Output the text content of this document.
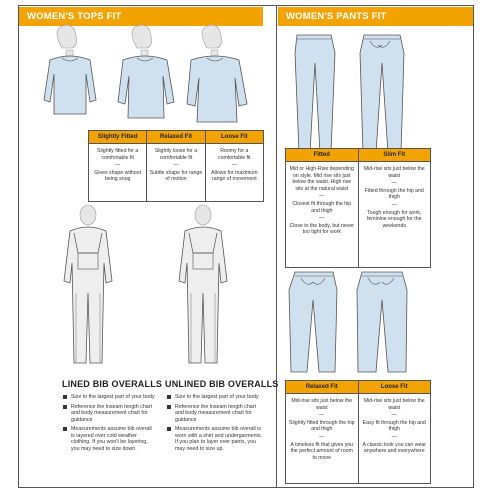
WOMEN'S TOPS FIT
Slightly Fitted
Slightly fitted for a comfortable fit
—
Gives shape without being snug
Relaxed Fit
Slightly loose for a comfortable fit
—
Subtle shape for range of motion
Loose Fit
Roomy for a comfortable fit
—
Allows for maximum range of movement
LINED BIB OVERALLS
Size to the largest part of your body
Reference the inseam length chart and body measurement chart for guidance
Measurements assume bib overall is layered over cold weather clothing. If you won't be layering, you may need to size down.
UNLINED BIB OVERALLS
Size to the largest part of your body
Reference the inseam length chart and body measurement chart for guidance
Measurements assume bib overall is worn with a shirt and undergarments. If you plan to layer over pants, you may need to size up.
WOMEN'S PANTS FIT
Fitted
Mid or High-Rise depending on style. Mid rise sits just below the waist. High rise sits at the natural waist
—
Closest fit through the hip and thigh
—
Close to the body, but never too tight for work
Slim Fit
Mid-rise sits just below the waist
—
Fitted through the hip and thigh
—
Tough enough for work, feminine enough for the weekends
Relaxed Fit
Mid-rise sits just below the waist
—
Slightly fitted through the hip and thigh
—
A timeless fit that gives you the perfect amount of room to move
Loose Fit
Mid-rise sits just below the waist
—
Easy fit through the hip and thigh
—
A classic look you can wear anywhere and everywhere
